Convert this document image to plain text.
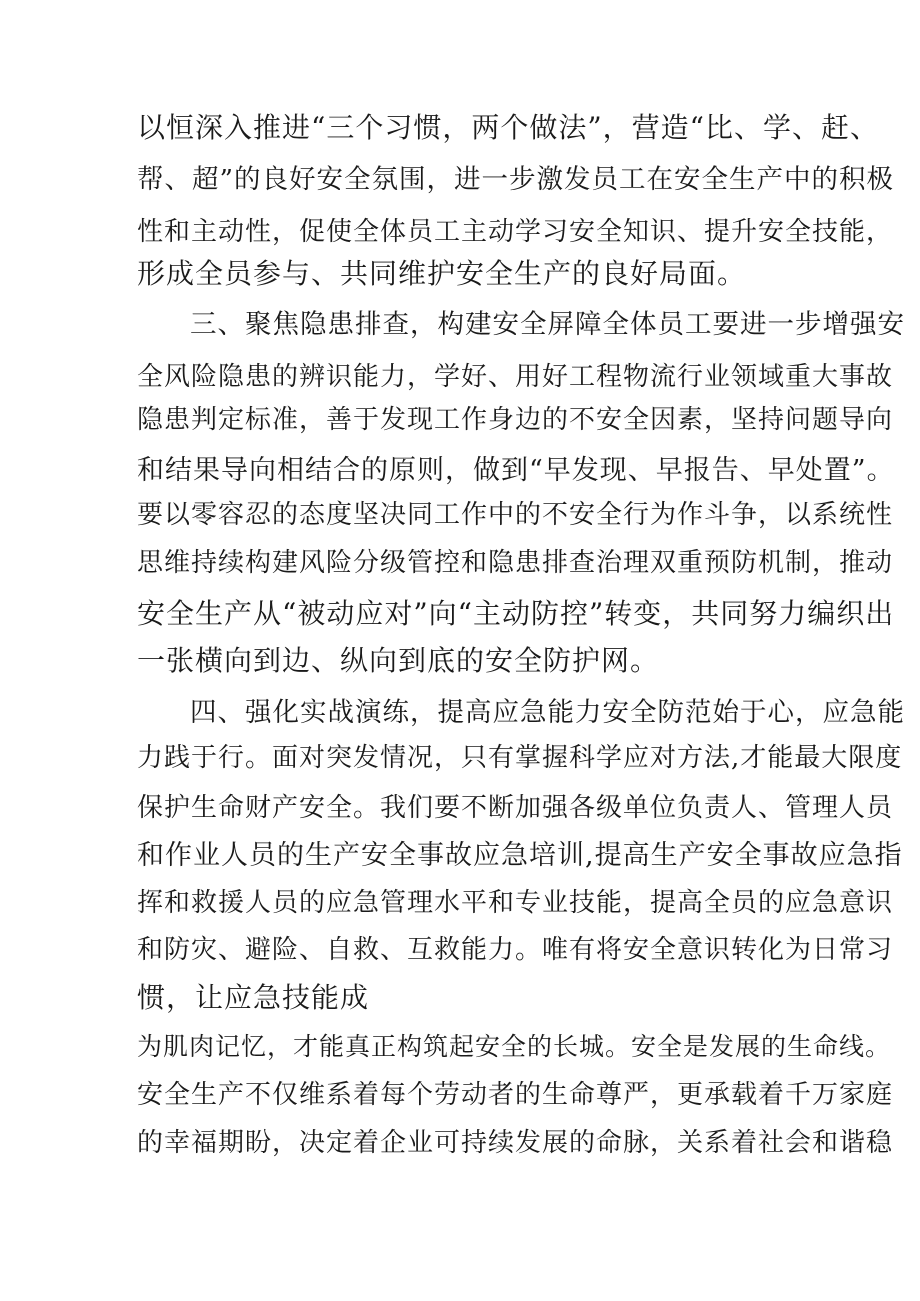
以恒深入推进“三个习惯，两个做法”，营造“比、学、赶、
帮、超”的良好安全氛围，进一步激发员工在安全生产中的积极
性和主动性，促使全体员工主动学习安全知识、提升安全技能，
形成全员参与、共同维护安全生产的良好局面。
三、聚焦隐患排查，构建安全屏障全体员工要进一步增强安
全风险隐患的辨识能力，学好、用好工程物流行业领域重大事故
隐患判定标准，善于发现工作身边的不安全因素，坚持问题导向
和结果导向相结合的原则，做到“早发现、早报告、早处置”。
要以零容忍的态度坚决同工作中的不安全行为作斗争，以系统性
思维持续构建风险分级管控和隐患排查治理双重预防机制，推动
安全生产从“被动应对”向“主动防控”转变，共同努力编织出
一张横向到边、纵向到底的安全防护网。
四、强化实战演练，提高应急能力安全防范始于心，应急能
力践于行。面对突发情况，只有掌握科学应对方法,才能最大限度
保护生命财产安全。我们要不断加强各级单位负责人、管理人员
和作业人员的生产安全事故应急培训,提高生产安全事故应急指
挥和救援人员的应急管理水平和专业技能，提高全员的应急意识
和防灾、避险、自救、互救能力。唯有将安全意识转化为日常习
惯，让应急技能成
为肌肉记忆，才能真正构筑起安全的长城。安全是发展的生命线。
安全生产不仅维系着每个劳动者的生命尊严，更承载着千万家庭
的幸福期盼，决定着企业可持续发展的命脉，关系着社会和谐稳
